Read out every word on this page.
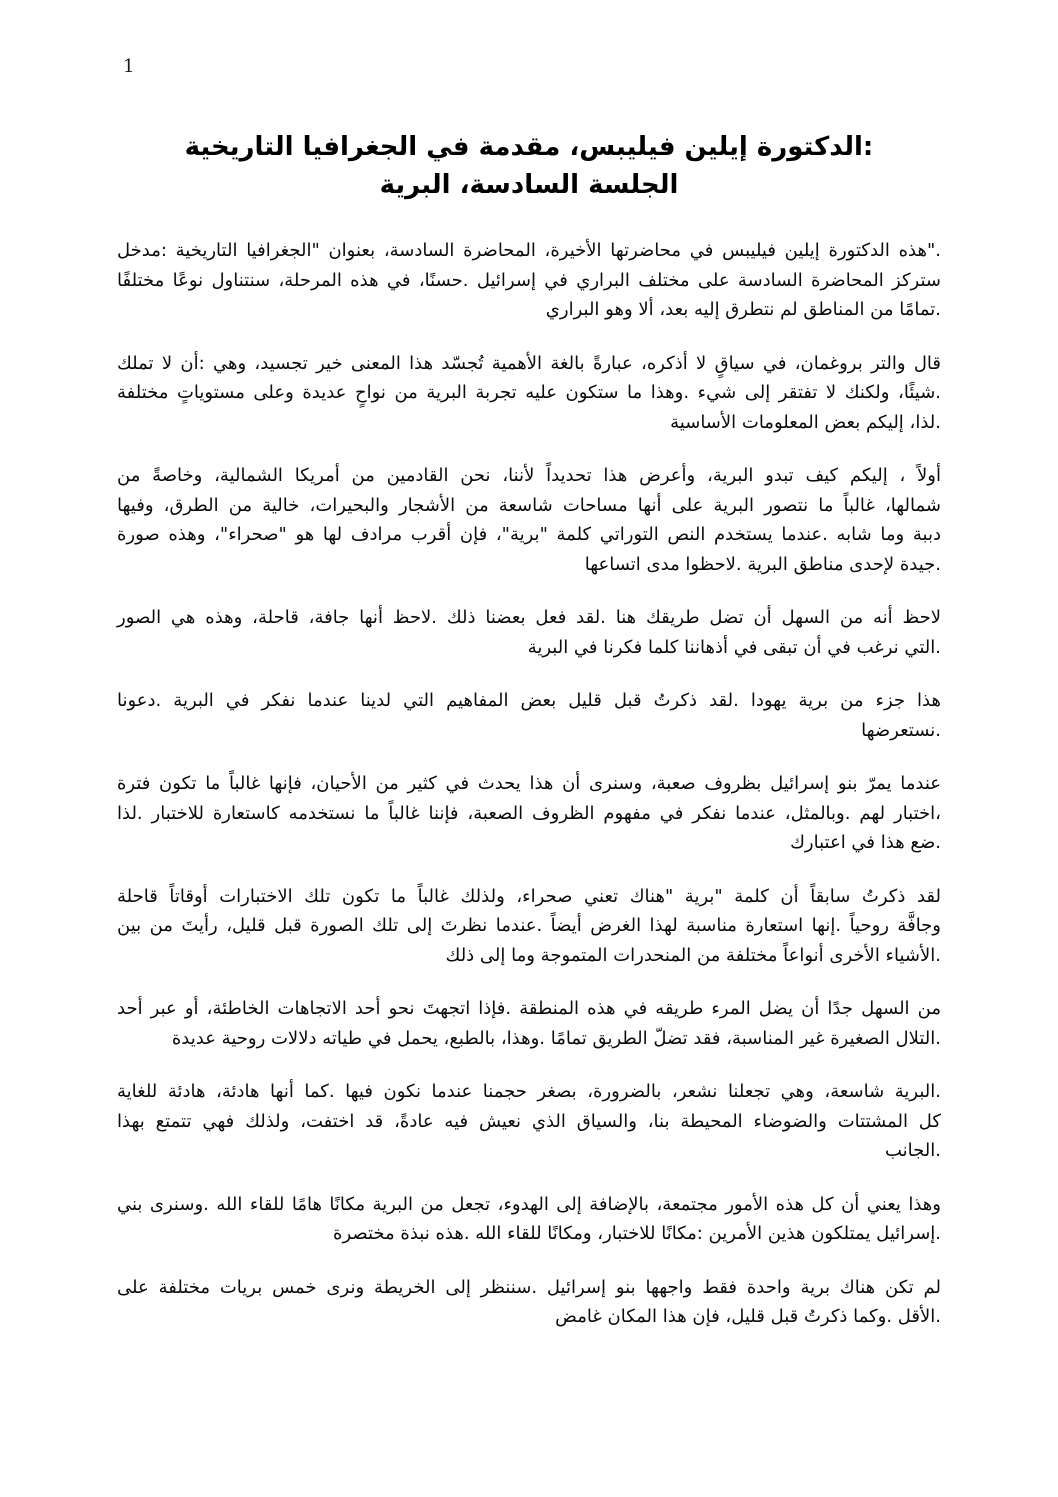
1
:الدكتورة إيلين فيليبس، مقدمة في الجغرافيا التاريخية
الجلسة السادسة، البرية
."هذه الدكتورة إيلين فيليبس في محاضرتها الأخيرة، المحاضرة السادسة، بعنوان "الجغرافيا التاريخية :مدخل
ستركز المحاضرة السادسة على مختلف البراري في إسرائيل .حسنًا، في هذه المرحلة، سنتناول نوعًا مختلفًا
.تمامًا من المناطق لم نتطرق إليه بعد، ألا وهو البراري
قال والتر بروغمان، في سياقٍ لا أذكره، عبارةً بالغة الأهمية تُجسّد هذا المعنى خير تجسيد، وهي :أن لا تملك
.شيئًا، ولكنك لا تفتقر إلى شيء .وهذا ما ستكون عليه تجربة البرية من نواحٍ عديدة وعلى مستوياتٍ مختلفة
.لذا، إليكم بعض المعلومات الأساسية
أولاً ، إليكم كيف تبدو البرية، وأعرض هذا تحديداً لأننا، نحن القادمين من أمريكا الشمالية، وخاصةً من
شمالها، غالباً ما نتصور البرية على أنها مساحات شاسعة من الأشجار والبحيرات، خالية من الطرق، وفيها
دببة وما شابه .عندما يستخدم النص التوراتي كلمة "برية"، فإن أقرب مرادف لها هو "صحراء"، وهذه صورة
.جيدة لإحدى مناطق البرية .لاحظوا مدى اتساعها
لاحظ أنه من السهل أن تضل طريقك هنا .لقد فعل بعضنا ذلك .لاحظ أنها جافة، قاحلة، وهذه هي الصور
.التي نرغب في أن تبقى في أذهاننا كلما فكرنا في البرية
هذا جزء من برية يهودا .لقد ذكرتُ قبل قليل بعض المفاهيم التي لدينا عندما نفكر في البرية .دعونا
.نستعرضها
عندما يمرّ بنو إسرائيل بظروف صعبة، وسنرى أن هذا يحدث في كثير من الأحيان، فإنها غالباً ما تكون فترة
،اختبار لهم .وبالمثل، عندما نفكر في مفهوم الظروف الصعبة، فإننا غالباً ما نستخدمه كاستعارة للاختبار .لذا
.ضع هذا في اعتبارك
لقد ذكرتُ سابقاً أن كلمة "برية "هناك تعني صحراء، ولذلك غالباً ما تكون تلك الاختبارات أوقاتاً قاحلة
وجافَّة روحياً .إنها استعارة مناسبة لهذا الغرض أيضاً .عندما نظرتَ إلى تلك الصورة قبل قليل، رأيتَ من بين
.الأشياء الأخرى أنواعاً مختلفة من المنحدرات المتموجة وما إلى ذلك
من السهل جدًا أن يضل المرء طريقه في هذه المنطقة .فإذا اتجهتَ نحو أحد الاتجاهات الخاطئة، أو عبر أحد
.التلال الصغيرة غير المناسبة، فقد تضلّ الطريق تمامًا .وهذا، بالطبع، يحمل في طياته دلالات روحية عديدة
.البرية شاسعة، وهي تجعلنا نشعر، بالضرورة، بصغر حجمنا عندما نكون فيها .كما أنها هادئة، هادئة للغاية
كل المشتتات والضوضاء المحيطة بنا، والسياق الذي نعيش فيه عادةً، قد اختفت، ولذلك فهي تتمتع بهذا
.الجانب
وهذا يعني أن كل هذه الأمور مجتمعة، بالإضافة إلى الهدوء، تجعل من البرية مكانًا هامًا للقاء الله .وسنرى بني
.إسرائيل يمتلكون هذين الأمرين :مكانًا للاختبار، ومكانًا للقاء الله .هذه نبذة مختصرة
لم تكن هناك برية واحدة فقط واجهها بنو إسرائيل .سننظر إلى الخريطة ونرى خمس بريات مختلفة على
.الأقل .وكما ذكرتُ قبل قليل، فإن هذا المكان غامض
